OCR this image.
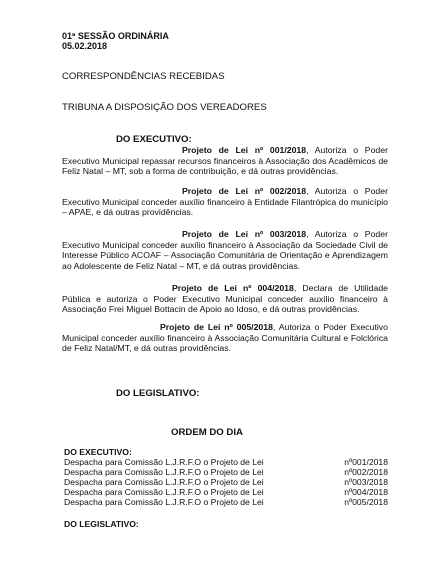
01ª SESSÃO ORDINÁRIA
05.02.2018
CORRESPONDÊNCIAS RECEBIDAS
TRIBUNA A DISPOSIÇÃO DOS VEREADORES
DO EXECUTIVO:
Projeto de Lei nº 001/2018, Autoriza o Poder Executivo Municipal repassar recursos financeiros à Associação dos Acadêmicos de Feliz Natal – MT, sob a forma de contribuição, e dá outras providências.
Projeto de Lei nº 002/2018, Autoriza o Poder Executivo Municipal conceder auxílio financeiro à Entidade Filantrópica do município – APAE, e dá outras providências.
Projeto de Lei nº 003/2018, Autoriza o Poder Executivo Municipal conceder auxílio financeiro à Associação da Sociedade Civil de Interesse Público ACOAF – Associação Comunitária de Orientação e Aprendizagem ao Adolescente de Feliz Natal – MT, e dá outras providências.
Projeto de Lei nº 004/2018, Declara de Utilidade Pública e autoriza o Poder Executivo Municipal conceder auxílio financeiro à Associação Frei Miguel Bottacin de Apoio ao Idoso, e dá outras providências.
Projeto de Lei nº 005/2018, Autoriza o Poder Executivo Municipal conceder auxílio financeiro à Associação Comunitária Cultural e Folclórica de Feliz Natal/MT, e dá outras providências.
DO LEGISLATIVO:
ORDEM DO DIA
DO EXECUTIVO:
Despacha para Comissão L.J.R.F.O o Projeto de Lei	nº001/2018
Despacha para Comissão L.J.R.F.O o Projeto de Lei	nº002/2018
Despacha para Comissão L.J.R.F.O o Projeto de Lei	nº003/2018
Despacha para Comissão L.J.R.F.O o Projeto de Lei	nº004/2018
Despacha para Comissão L.J.R.F.O o Projeto de Lei	nº005/2018
DO LEGISLATIVO:
